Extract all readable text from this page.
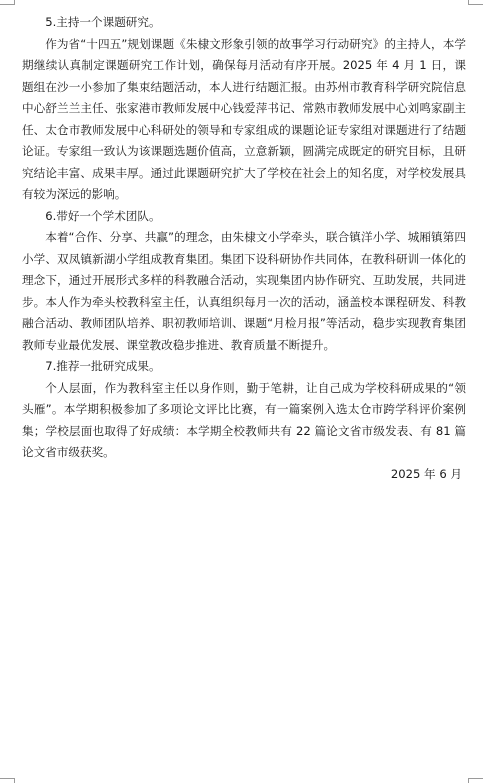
5.主持一个课题研究。

作为省“十四五”规划课题《朱棣文形象引领的故事学习行动研究》的主持人，本学期继续认真制定课题研究工作计划，确保每月活动有序开展。2025 年 4 月 1 日，课题组在沙一小参加了集束结题活动，本人进行结题汇报。由苏州市教育科学研究院信息中心舒兰兰主任、张家港市教师发展中心钱爱萍书记、常熟市教师发展中心刘鸣家副主任、太仓市教师发展中心科研处的领导和专家组成的课题论证专家组对课题进行了结题论证。专家组一致认为该课题选题价值高，立意新颖，圆满完成既定的研究目标，且研究结论丰富、成果丰厚。通过此课题研究扩大了学校在社会上的知名度，对学校发展具有较为深远的影响。

6.带好一个学术团队。

本着“合作、分享、共赢”的理念，由朱棣文小学牵头，联合镇洋小学、城厢镇第四小学、双凤镇新湖小学组成教育集团。集团下设科研协作共同体，在教科研训一体化的理念下，通过开展形式多样的科教融合活动，实现集团内协作研究、互助发展，共同进步。本人作为牵头校教科室主任，认真组织每月一次的活动，涵盖校本课程研发、科教融合活动、教师团队培养、职初教师培训、课题“月检月报”等活动，稳步实现教育集团教师专业最优发展、课堂教改稳步推进、教育质量不断提升。

7.推荐一批研究成果。

个人层面，作为教科室主任以身作则，勤于笔耕，让自己成为学校科研成果的“领头雁”。本学期积极参加了多项论文评比比赛，有一篇案例入选太仓市跨学科评价案例集；学校层面也取得了好成绩：本学期全校教师共有 22 篇论文省市级发表、有 81 篇论文省市级获奖。

2025 年 6 月
